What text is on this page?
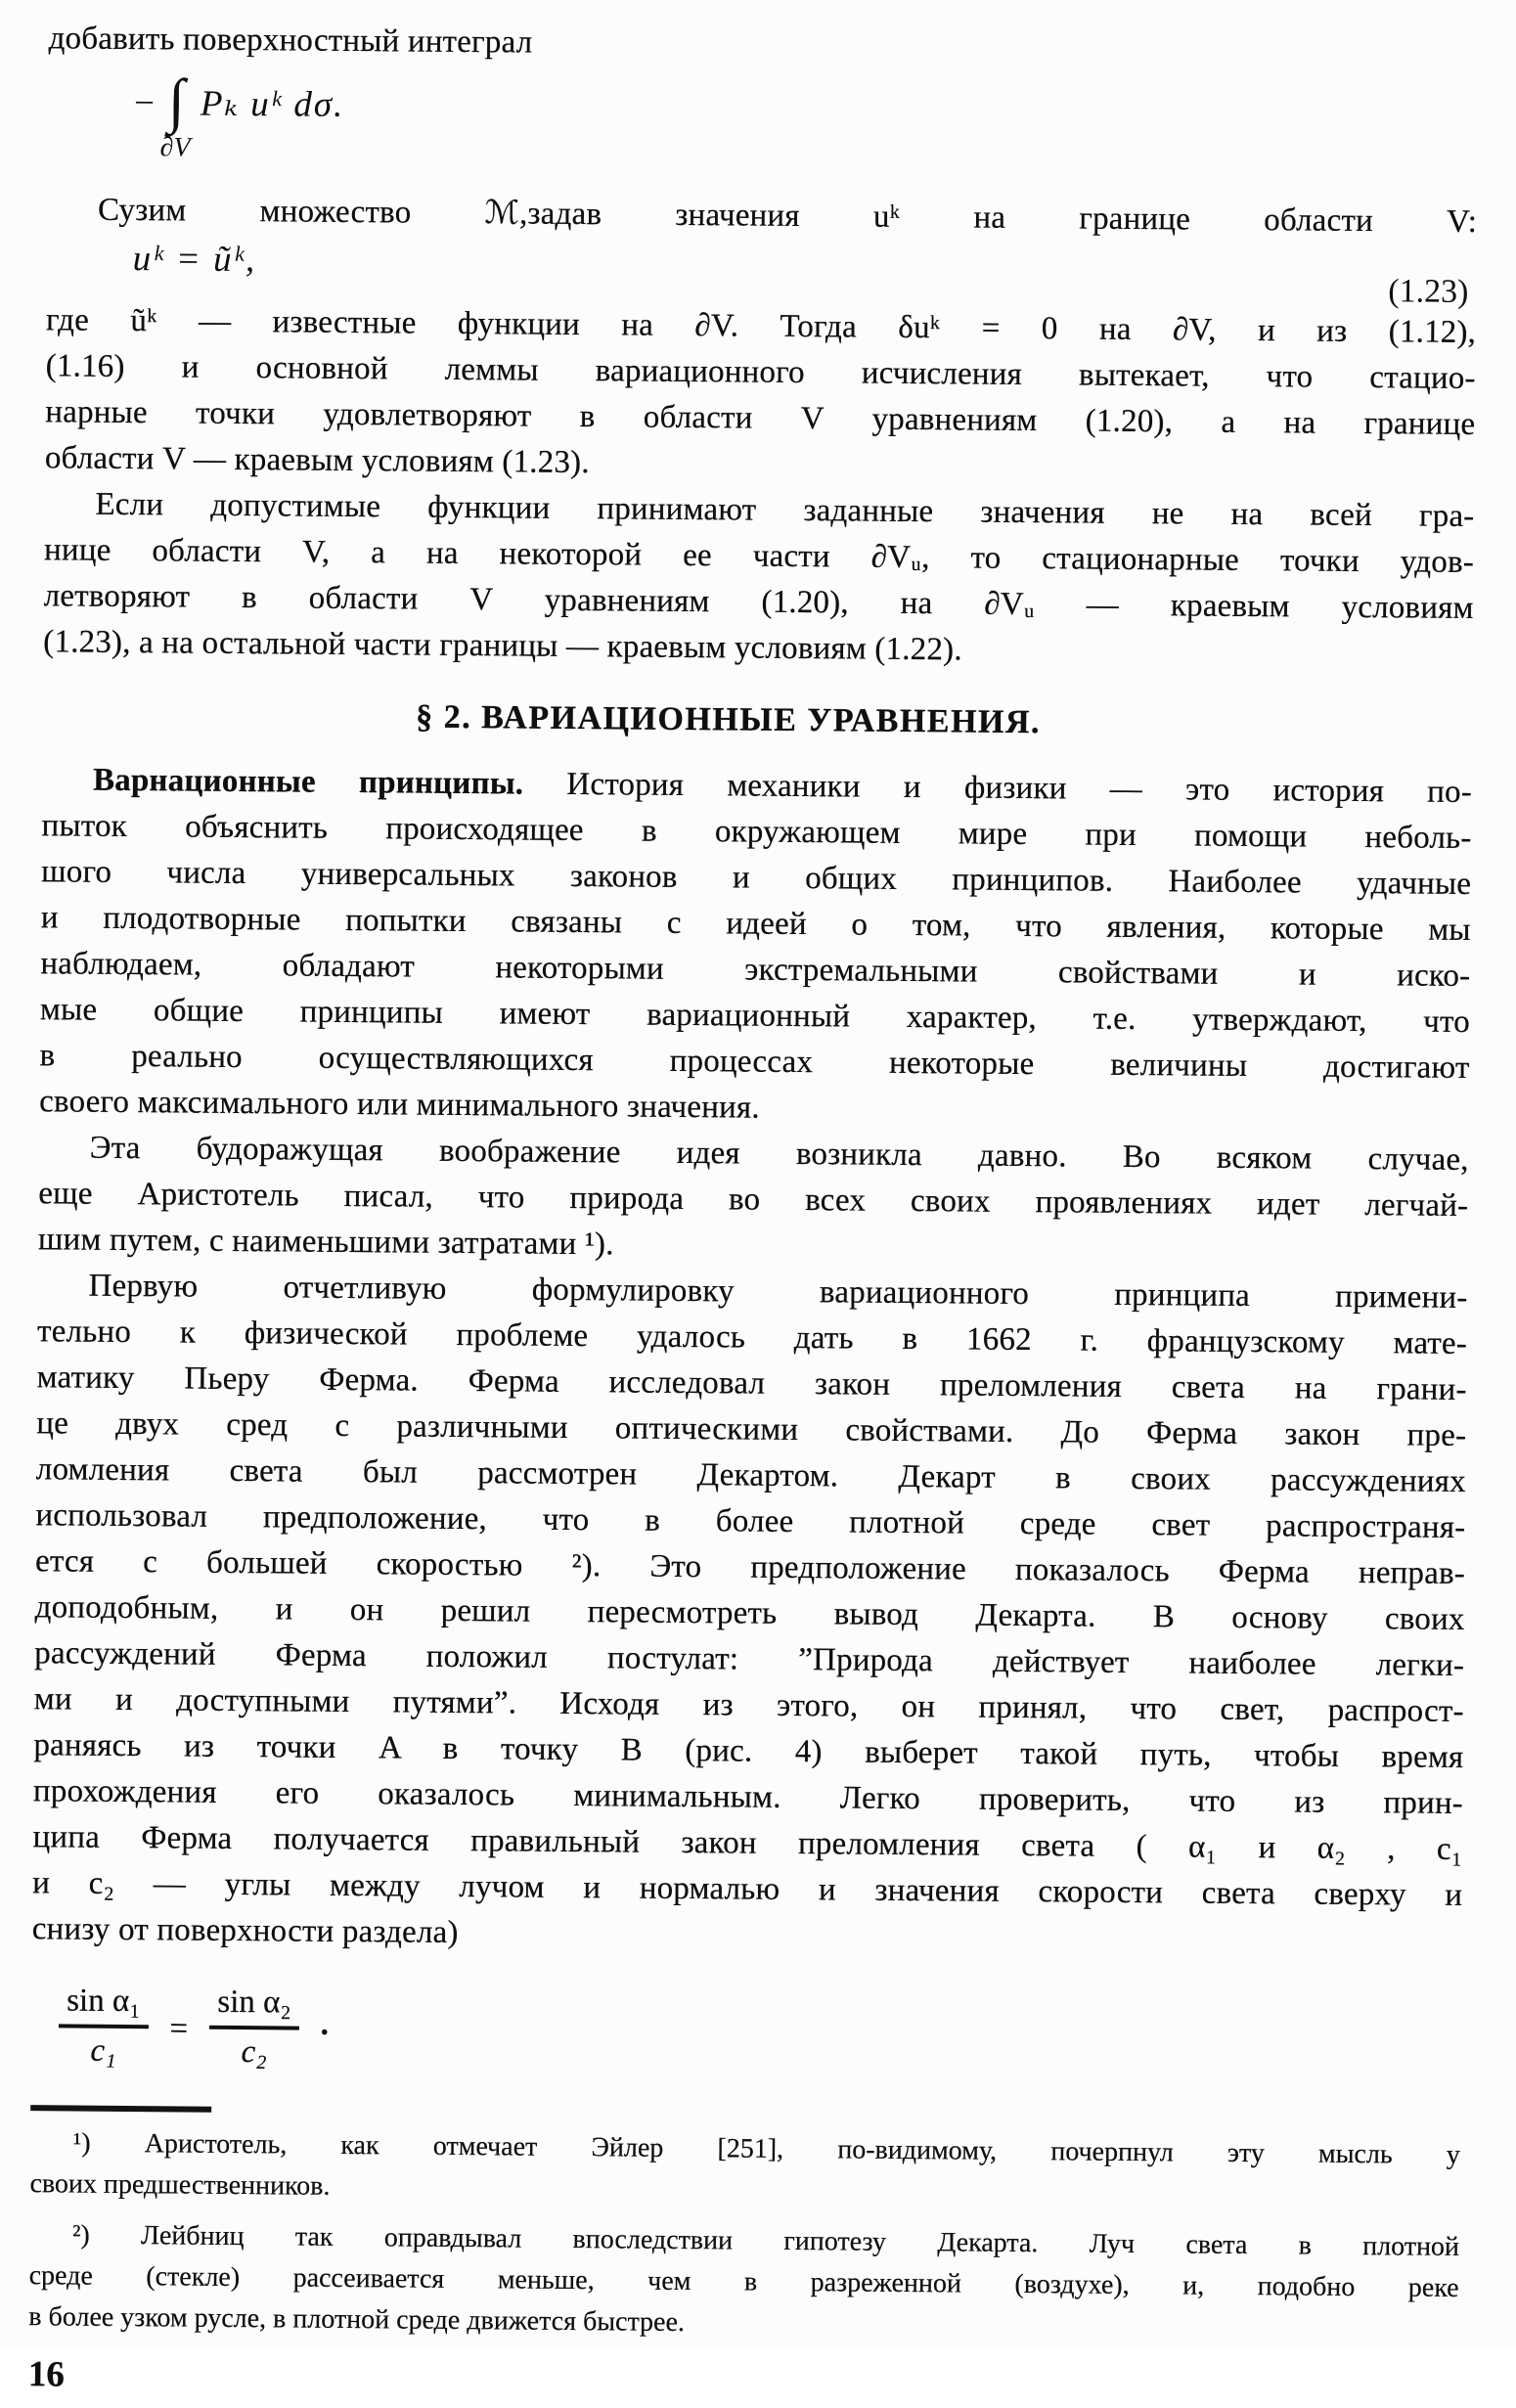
добавить поверхностный интеграл
− ∫
∂V
Pₖ uᵏ dσ.
Сузим множество ℳ,задав значения uᵏ на границе области V:
uᵏ = ũᵏ,
(1.23)
где ũᵏ — известные функции на ∂V. Тогда δuᵏ = 0 на ∂V, и из (1.12),
(1.16) и основной леммы вариационного исчисления вытекает, что стацио-
нарные точки удовлетворяют в области V уравнениям (1.20), а на границе
области V — краевым условиям (1.23).
Если допустимые функции принимают заданные значения не на всей гра-
нице области V, а на некоторой ее части ∂Vᵤ, то стационарные точки удов-
летворяют в области V уравнениям (1.20), на ∂Vᵤ — краевым условиям
(1.23), а на остальной части границы — краевым условиям (1.22).
§ 2. ВАРИАЦИОННЫЕ УРАВНЕНИЯ.
Варнационные принципы. История механики и физики — это история по-
пыток объяснить происходящее в окружающем мире при помощи неболь-
шого числа универсальных законов и общих принципов. Наиболее удачные
и плодотворные попытки связаны с идеей о том, что явления, которые мы
наблюдаем, обладают некоторыми экстремальными свойствами и иско-
мые общие принципы имеют вариационный характер, т.е. утверждают, что
в реально осуществляющихся процессах некоторые величины достигают
своего максимального или минимального значения.
Эта будоражущая воображение идея возникла давно. Во всяком случае,
еще Аристотель писал, что природа во всех своих проявлениях идет легчай-
шим путем, с наименьшими затратами ¹).
Первую отчетливую формулировку вариационного принципа примени-
тельно к физической проблеме удалось дать в 1662 г. французскому мате-
матику Пьеру Ферма. Ферма исследовал закон преломления света на грани-
це двух сред с различными оптическими свойствами. До Ферма закон пре-
ломления света был рассмотрен Декартом. Декарт в своих рассуждениях
использовал предположение, что в более плотной среде свет распространя-
ется с большей скоростью ²). Это предположение показалось Ферма неправ-
доподобным, и он решил пересмотреть вывод Декарта. В основу своих
рассуждений Ферма положил постулат: ”Природа действует наиболее легки-
ми и доступными путями”. Исходя из этого, он принял, что свет, распрост-
раняясь из точки A в точку B (рис. 4) выберет такой путь, чтобы время
прохождения его оказалось минимальным. Легко проверить, что из прин-
ципа Ферма получается правильный закон преломления света ( α₁ и α₂ , c₁
и c₂ — углы между лучом и нормалью и значения скорости света сверху и
снизу от поверхности раздела)
$\frac{\text{sin α₁}}{\text{c₁}} = \frac{\text{sin α₂}}{\text{c₂}}$ .
¹) Аристотель, как отмечает Эйлер [251], по-видимому, почерпнул эту мысль у
своих предшественников.
²) Лейбниц так оправдывал впоследствии гипотезу Декарта. Луч света в плотной
среде (стекле) рассеивается меньше, чем в разреженной (воздухе), и, подобно реке
в более узком русле, в плотной среде движется быстрее.
16
